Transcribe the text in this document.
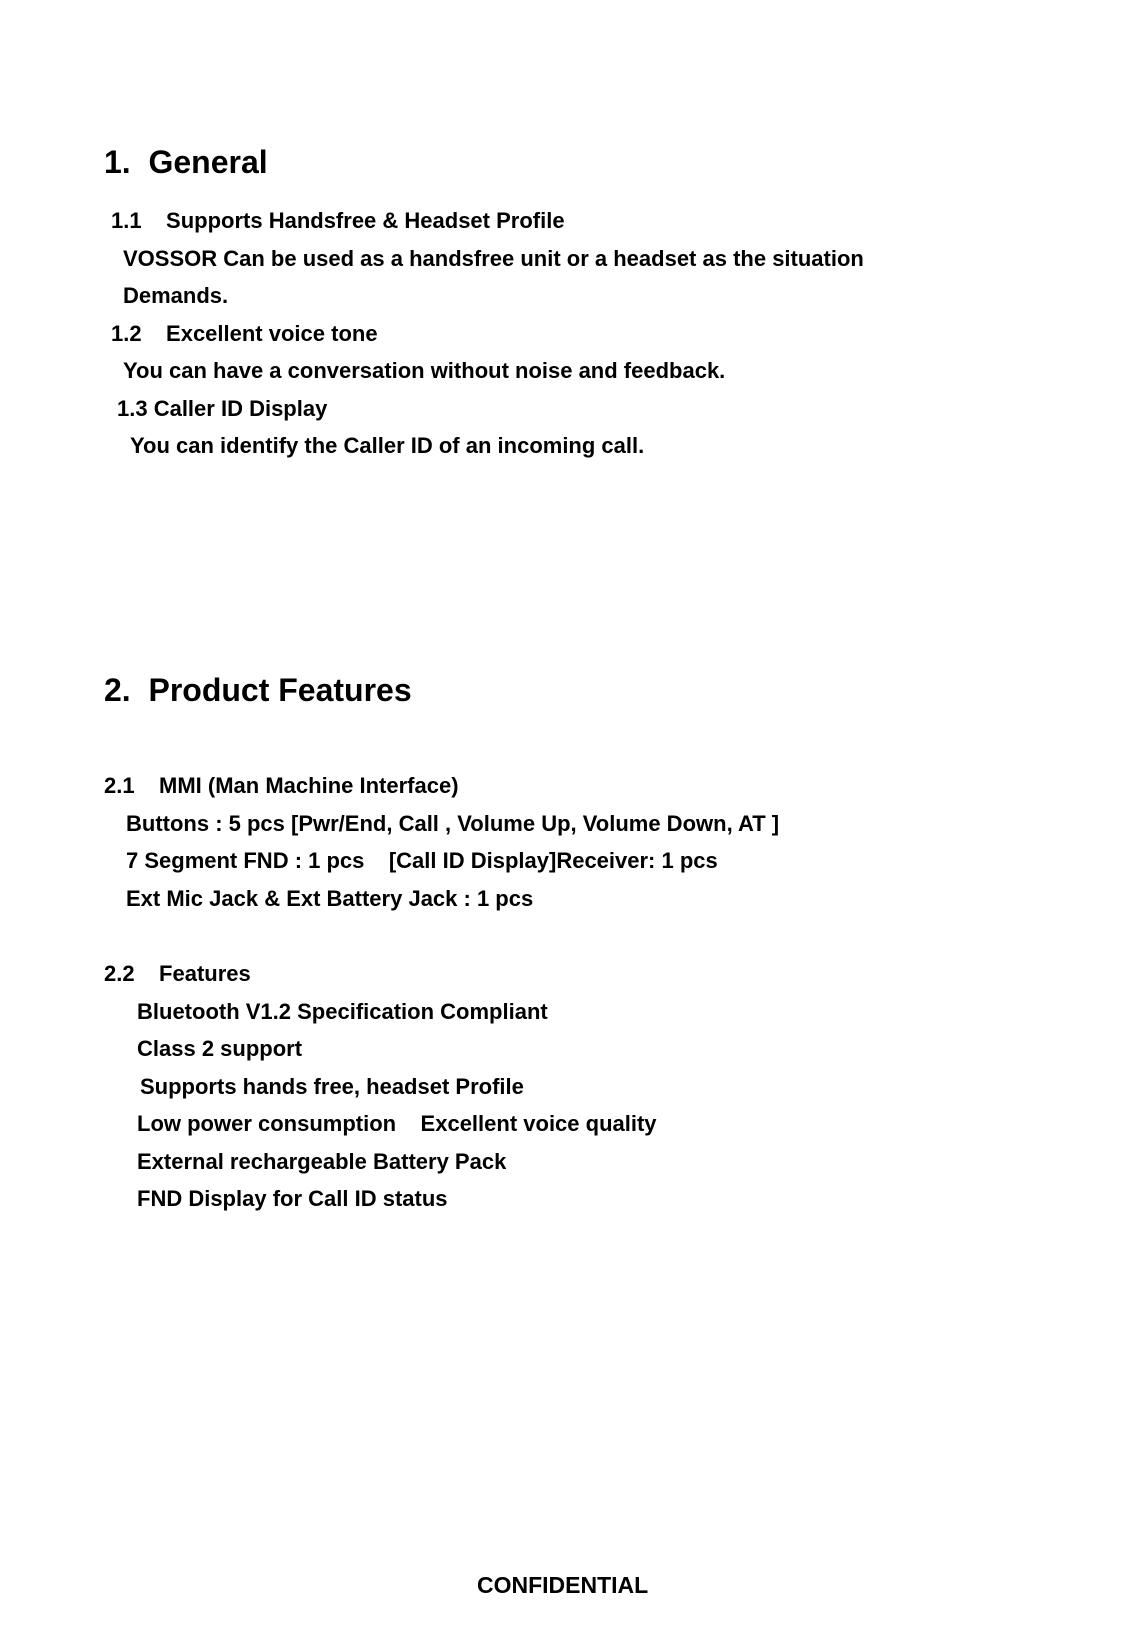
1.  General
1.1    Supports Handsfree & Headset Profile
VOSSOR Can be used as a handsfree unit or a headset as the situation
Demands.
1.2    Excellent voice tone
You can have a conversation without noise and feedback.
1.3 Caller ID Display
You can identify the Caller ID of an incoming call.
2.  Product Features
2.1    MMI (Man Machine Interface)
Buttons : 5 pcs [Pwr/End, Call , Volume Up, Volume Down, AT ]
7 Segment FND : 1 pcs    [Call ID Display]Receiver: 1 pcs
Ext Mic Jack & Ext Battery Jack : 1 pcs
2.2    Features
Bluetooth V1.2 Specification Compliant
Class 2 support
Supports hands free, headset Profile
Low power consumption    Excellent voice quality
External rechargeable Battery Pack
FND Display for Call ID status
CONFIDENTIAL
